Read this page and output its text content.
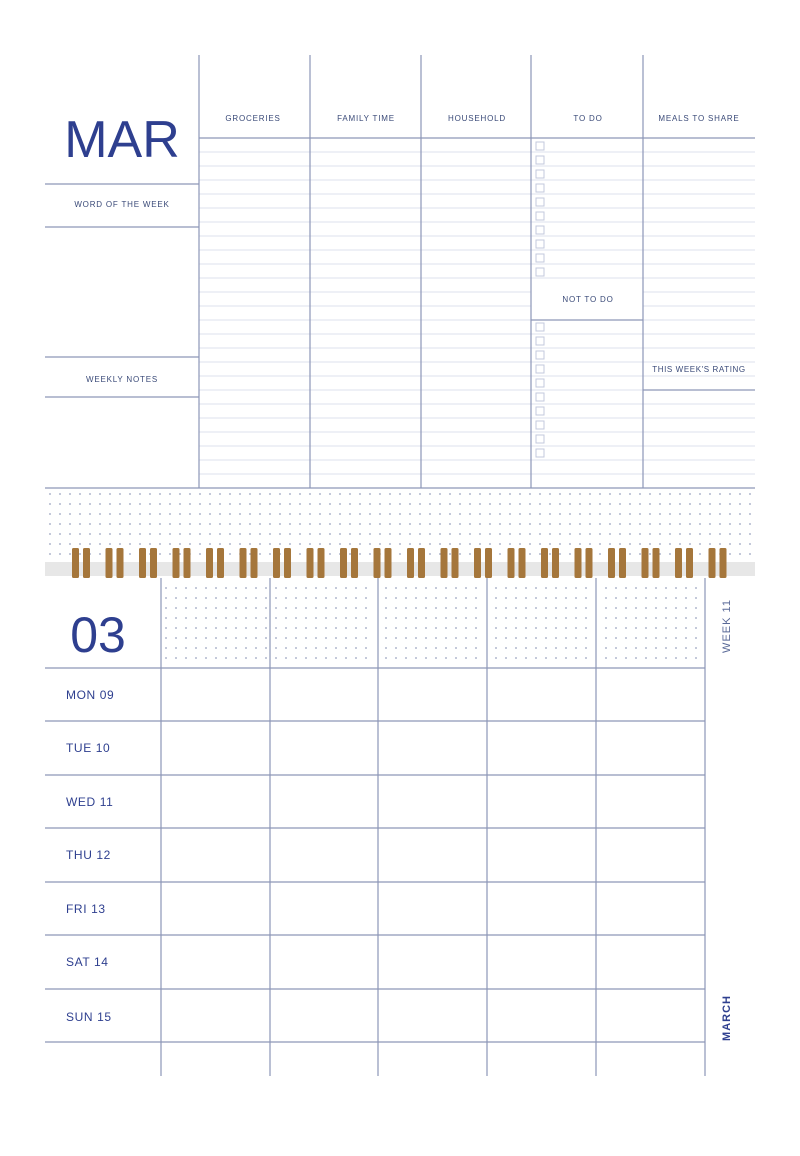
MAR
WORD OF THE WEEK
WEEKLY NOTES
GROCERIES	FAMILY TIME	HOUSEHOLD	TO DO	MEALS TO SHARE
NOT TO DO
THIS WEEK'S RATING
03
MON 09
TUE 10
WED 11
THU 12
FRI 13
SAT 14
SUN 15
WEEK 11
MARCH
